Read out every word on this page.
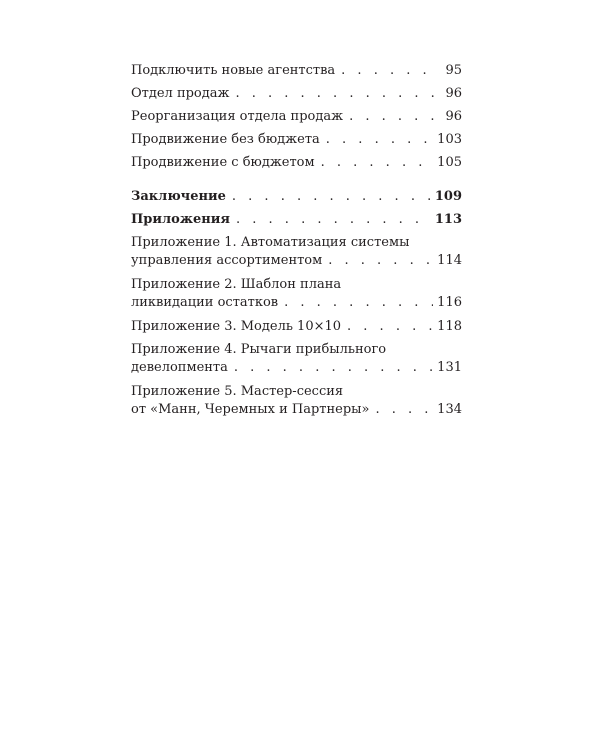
Подключить новые агентства . . .	95
Отдел продаж . . .	96
Реорганизация отдела продаж . . .	96
Продвижение без бюджета . . .	103
Продвижение с бюджетом . . .	105
Заключение . . .	109
Приложения . . .	113
Приложение 1. Автоматизация системы
управления ассортиментом . . .	114
Приложение 2. Шаблон плана
ликвидации остатков . . .	116
Приложение 3. Модель 10×10 . . .	118
Приложение 4. Рычаги прибыльного
девелопмента . . .	131
Приложение 5. Мастер-сессия
от «Манн, Черемных и Партнеры» . . .	134
